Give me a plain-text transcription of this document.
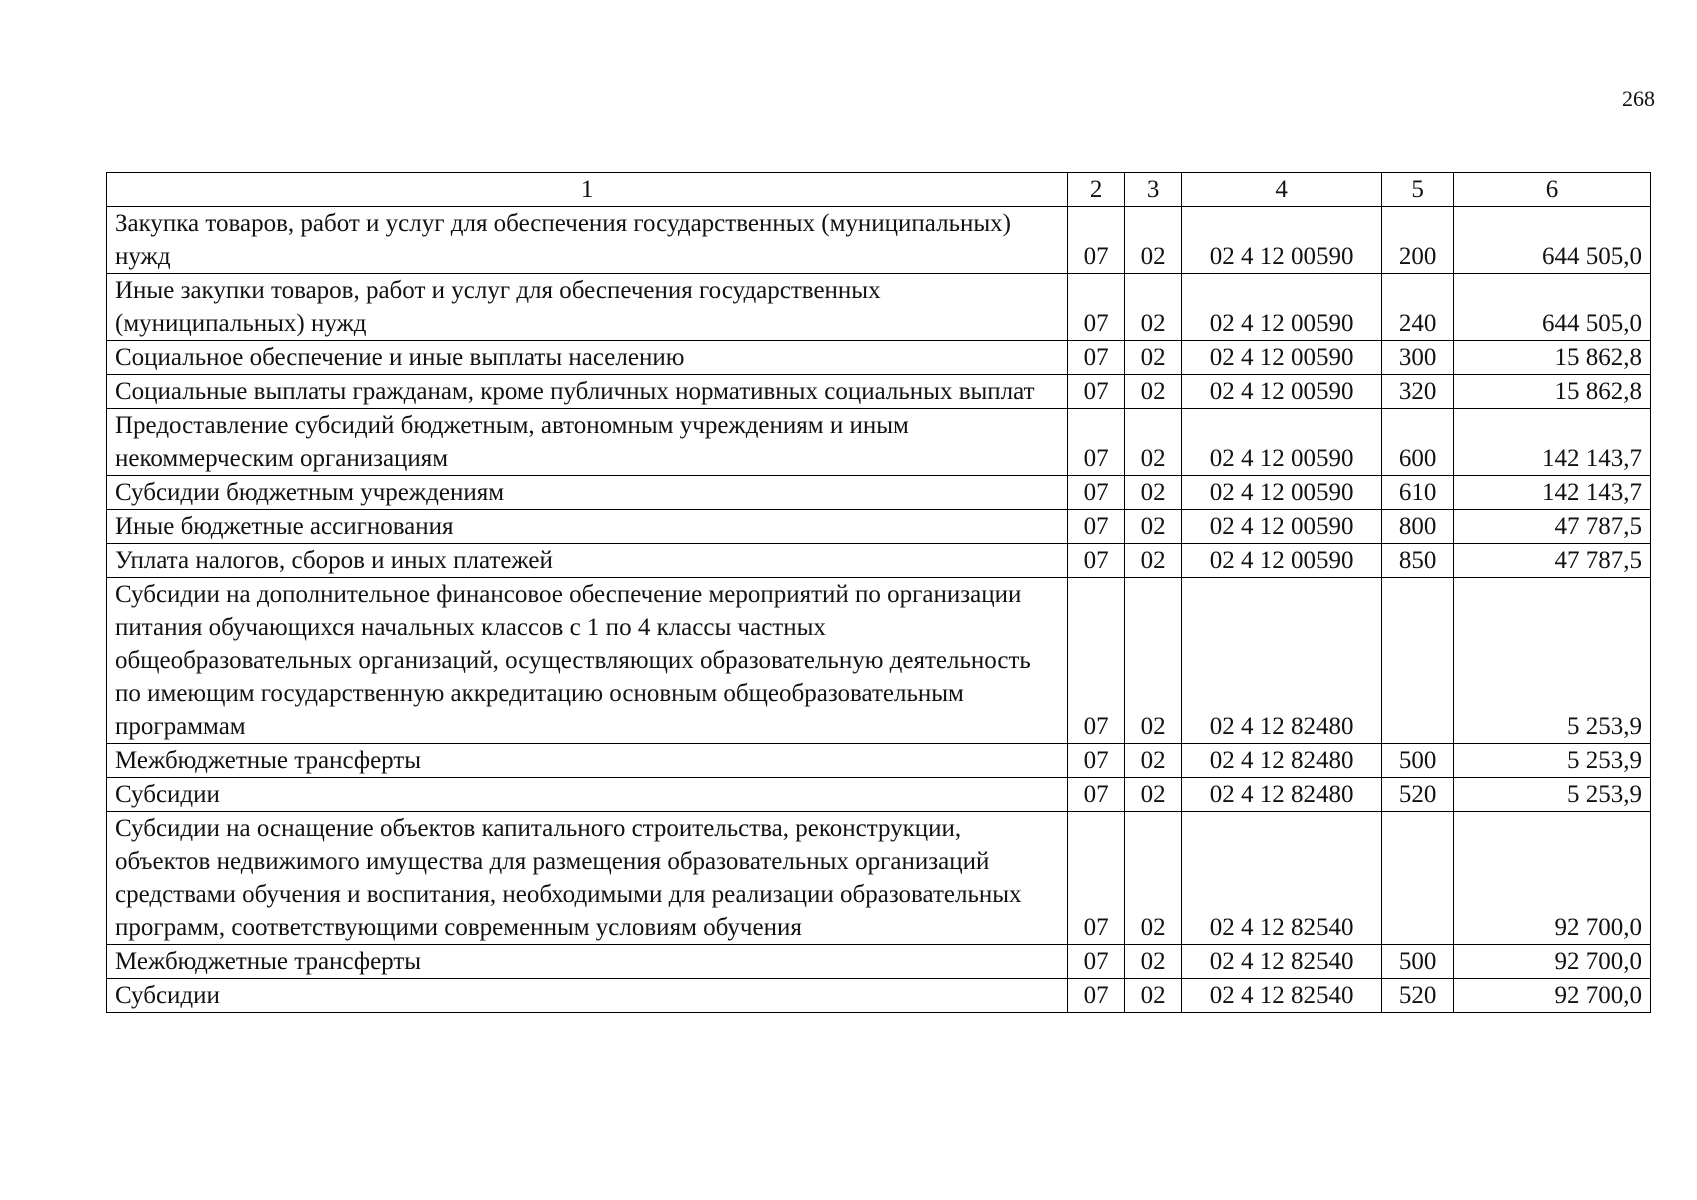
268
1	2	3	4	5	6
Закупка товаров, работ и услуг для обеспечения государственных (муниципальных) нужд	07	02	02 4 12 00590	200	644 505,0
Иные закупки товаров, работ и услуг для обеспечения государственных (муниципальных) нужд	07	02	02 4 12 00590	240	644 505,0
Социальное обеспечение и иные выплаты населению	07	02	02 4 12 00590	300	15 862,8
Социальные выплаты гражданам, кроме публичных нормативных социальных выплат	07	02	02 4 12 00590	320	15 862,8
Предоставление субсидий бюджетным, автономным учреждениям и иным некоммерческим организациям	07	02	02 4 12 00590	600	142 143,7
Субсидии бюджетным учреждениям	07	02	02 4 12 00590	610	142 143,7
Иные бюджетные ассигнования	07	02	02 4 12 00590	800	47 787,5
Уплата налогов, сборов и иных платежей	07	02	02 4 12 00590	850	47 787,5
Субсидии на дополнительное финансовое обеспечение мероприятий по организации питания обучающихся начальных классов с 1 по 4 классы частных общеобразовательных организаций, осуществляющих образовательную деятельность по имеющим государственную аккредитацию основным общеобразовательным программам	07	02	02 4 12 82480		5 253,9
Межбюджетные трансферты	07	02	02 4 12 82480	500	5 253,9
Субсидии	07	02	02 4 12 82480	520	5 253,9
Субсидии на оснащение объектов капитального строительства, реконструкции, объектов недвижимого имущества для размещения образовательных организаций средствами обучения и воспитания, необходимыми для реализации образовательных программ, соответствующими современным условиям обучения	07	02	02 4 12 82540		92 700,0
Межбюджетные трансферты	07	02	02 4 12 82540	500	92 700,0
Субсидии	07	02	02 4 12 82540	520	92 700,0
